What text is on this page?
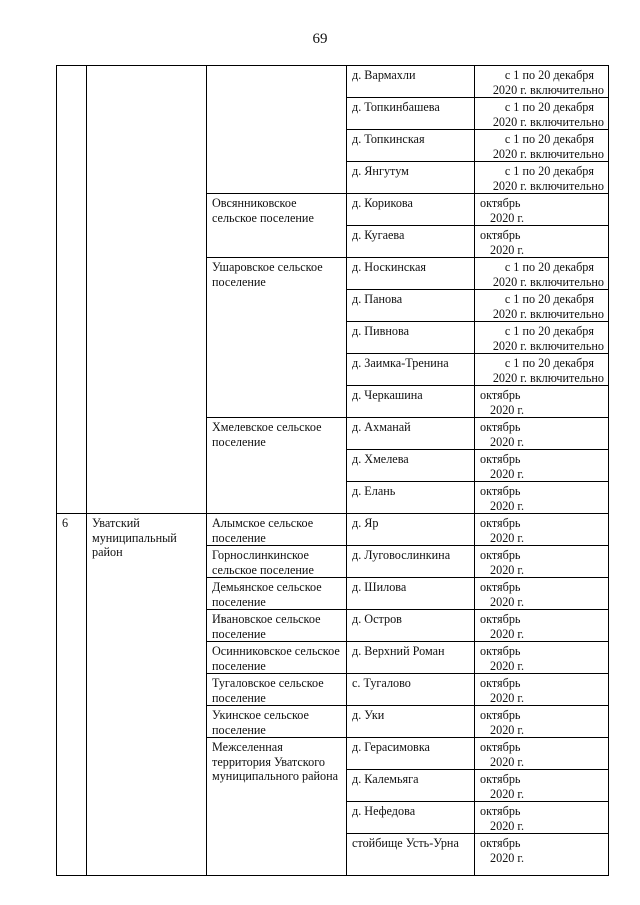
69
			д. Вармахли	с 1 по 20 декабря
2020 г. включительно

			д. Топкинбашева	с 1 по 20 декабря
2020 г. включительно

			д. Топкинская	с 1 по 20 декабря
2020 г. включительно

			д. Янгутум	с 1 по 20 декабря
2020 г. включительно

		Овсянниковское сельское поселение	д. Корикова	октябрь
2020 г.

			д. Кугаева	октябрь
2020 г.

		Ушаровское сельское поселение	д. Носкинская	с 1 по 20 декабря
2020 г. включительно

			д. Панова	с 1 по 20 декабря
2020 г. включительно

			д. Пивнова	с 1 по 20 декабря
2020 г. включительно

			д. Заимка-Тренина	с 1 по 20 декабря
2020 г. включительно

			д. Черкашина	октябрь
2020 г.

		Хмелевское сельское поселение	д. Ахманай	октябрь
2020 г.

			д. Хмелева	октябрь
2020 г.

			д. Елань	октябрь
2020 г.

6	Уватский муниципальный район	Алымское сельское поселение	д. Яр	октябрь
2020 г.

		Горнослинкинское сельское поселение	д. Луговослинкина	октябрь
2020 г.

		Демьянское сельское поселение	д. Шилова	октябрь
2020 г.

		Ивановское сельское поселение	д. Остров	октябрь
2020 г.

		Осинниковское сельское поселение	д. Верхний Роман	октябрь
2020 г.

		Тугаловское сельское поселение	с. Тугалово	октябрь
2020 г.

		Укинское сельское поселение	д. Уки	октябрь
2020 г.

		Межселенная территория Уватского муниципального района	д. Герасимовка	октябрь
2020 г.

			д. Калемьяга	октябрь
2020 г.

			д. Нефедова	октябрь
2020 г.

			стойбище Усть-Урна	октябрь
2020 г.
